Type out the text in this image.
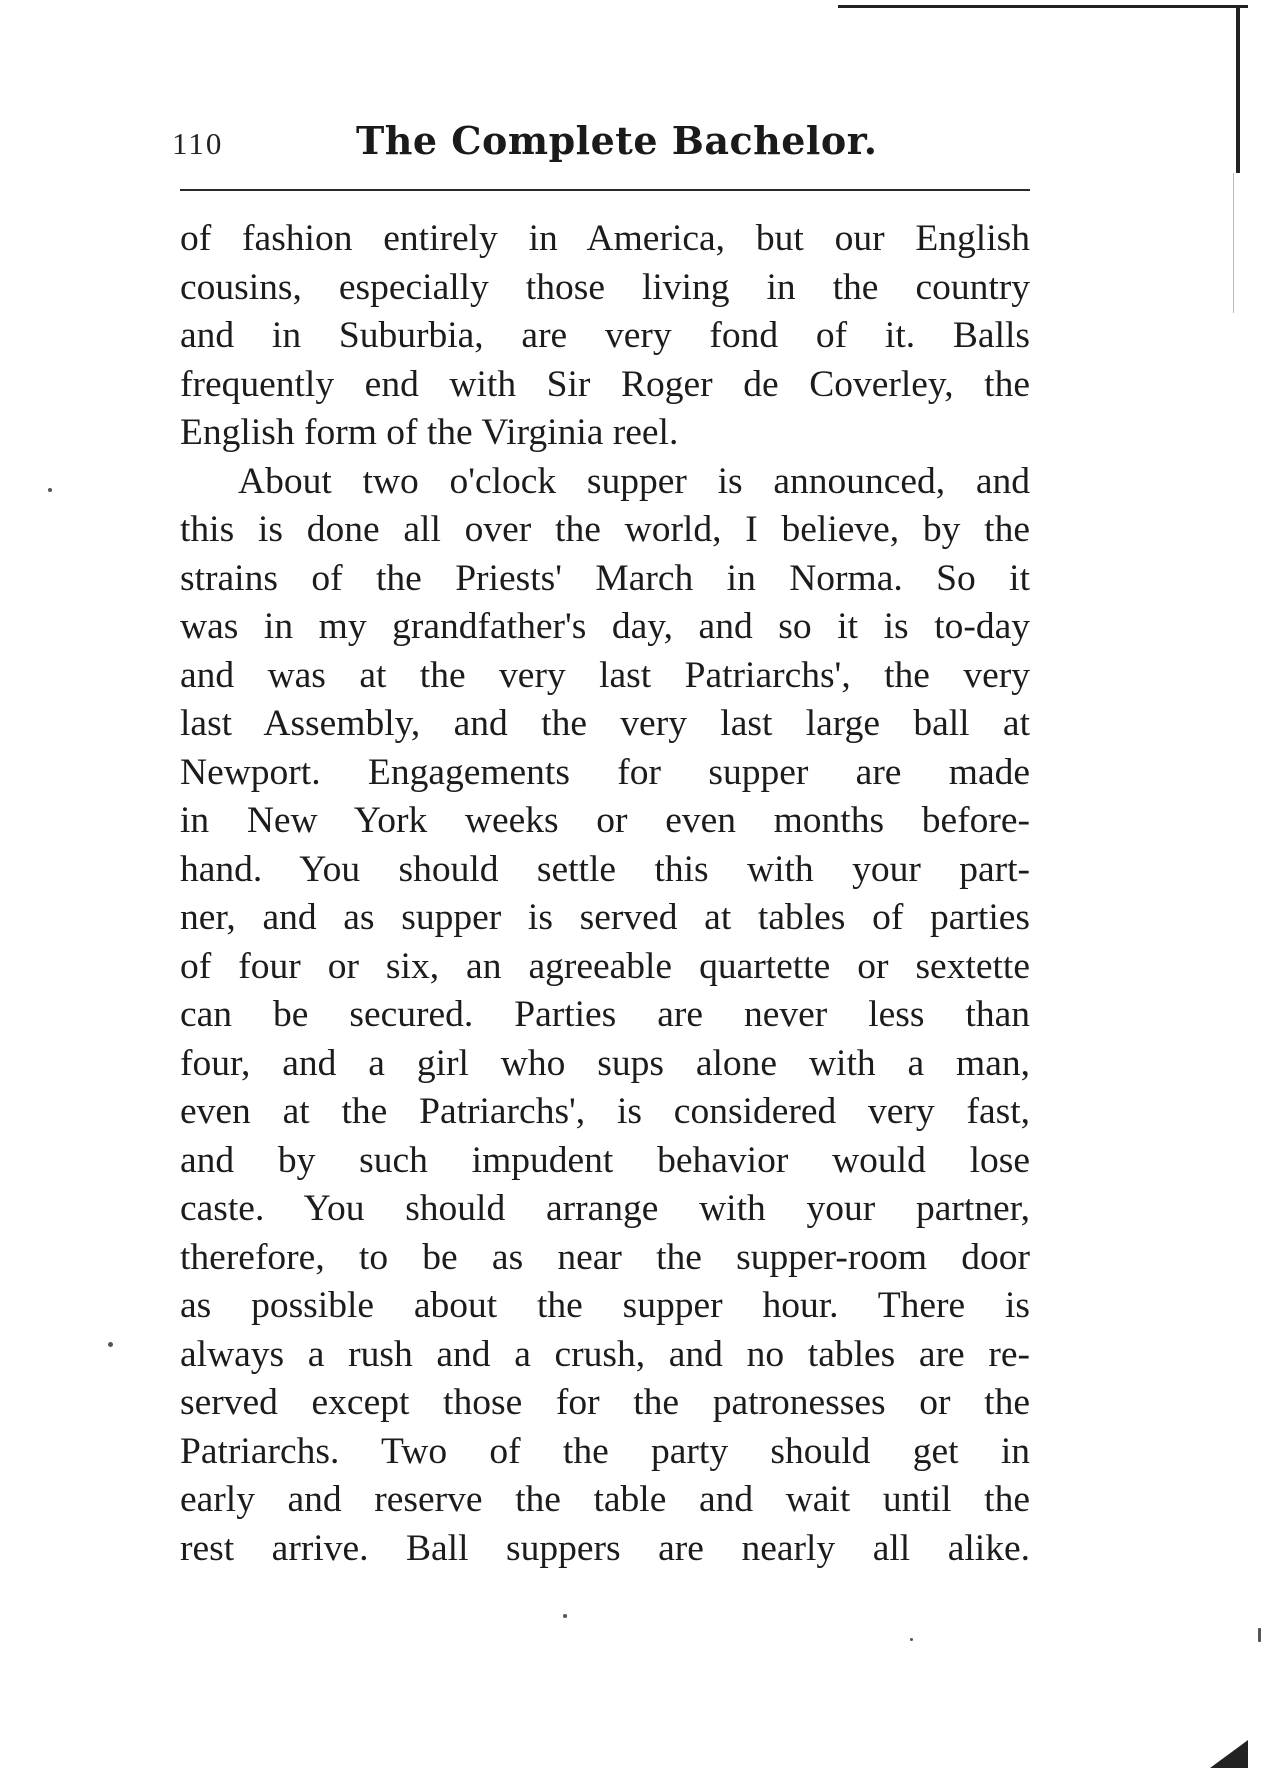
110	The Complete Bachelor.
of fashion entirely in America, but our English
cousins, especially those living in the country
and in Suburbia, are very fond of it. Balls
frequently end with Sir Roger de Coverley, the
English form of the Virginia reel.
About two o'clock supper is announced, and
this is done all over the world, I believe, by the
strains of the Priests' March in Norma. So it
was in my grandfather's day, and so it is to-day
and was at the very last Patriarchs', the very
last Assembly, and the very last large ball at
Newport. Engagements for supper are made
in New York weeks or even months before-
hand. You should settle this with your part-
ner, and as supper is served at tables of parties
of four or six, an agreeable quartette or sextette
can be secured. Parties are never less than
four, and a girl who sups alone with a man,
even at the Patriarchs', is considered very fast,
and by such impudent behavior would lose
caste. You should arrange with your partner,
therefore, to be as near the supper-room door
as possible about the supper hour. There is
always a rush and a crush, and no tables are re-
served except those for the patronesses or the
Patriarchs. Two of the party should get in
early and reserve the table and wait until the
rest arrive. Ball suppers are nearly all alike.
